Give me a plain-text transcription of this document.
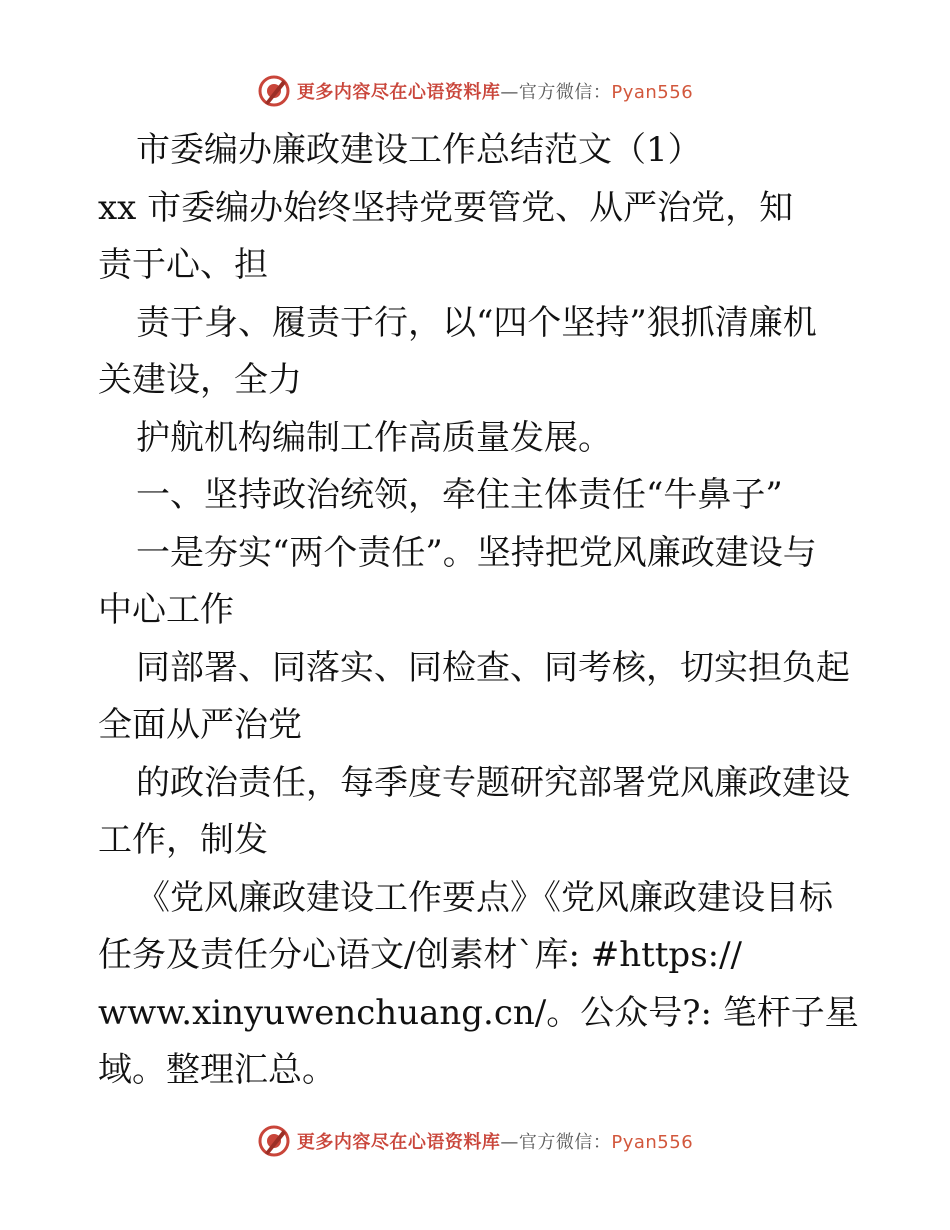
更多内容尽在心语资料库—官方微信：Pyan556
市委编办廉政建设工作总结范文（1）
xx 市委编办始终坚持党要管党、从严治党，知
责于心、担
责于身、履责于行，以“四个坚持”狠抓清廉机
关建设，全力
护航机构编制工作高质量发展。
一、坚持政治统领，牵住主体责任“牛鼻子”
一是夯实“两个责任”。坚持把党风廉政建设与
中心工作
同部署、同落实、同检查、同考核，切实担负起
全面从严治党
的政治责任，每季度专题研究部署党风廉政建设
工作，制发
《党风廉政建设工作要点》《党风廉政建设目标
任务及责任分心语文/创素材`库: #https://
www.xinyuwenchuang.cn/。公众号?: 笔杆子星
域。整理汇总。
更多内容尽在心语资料库—官方微信：Pyan556
